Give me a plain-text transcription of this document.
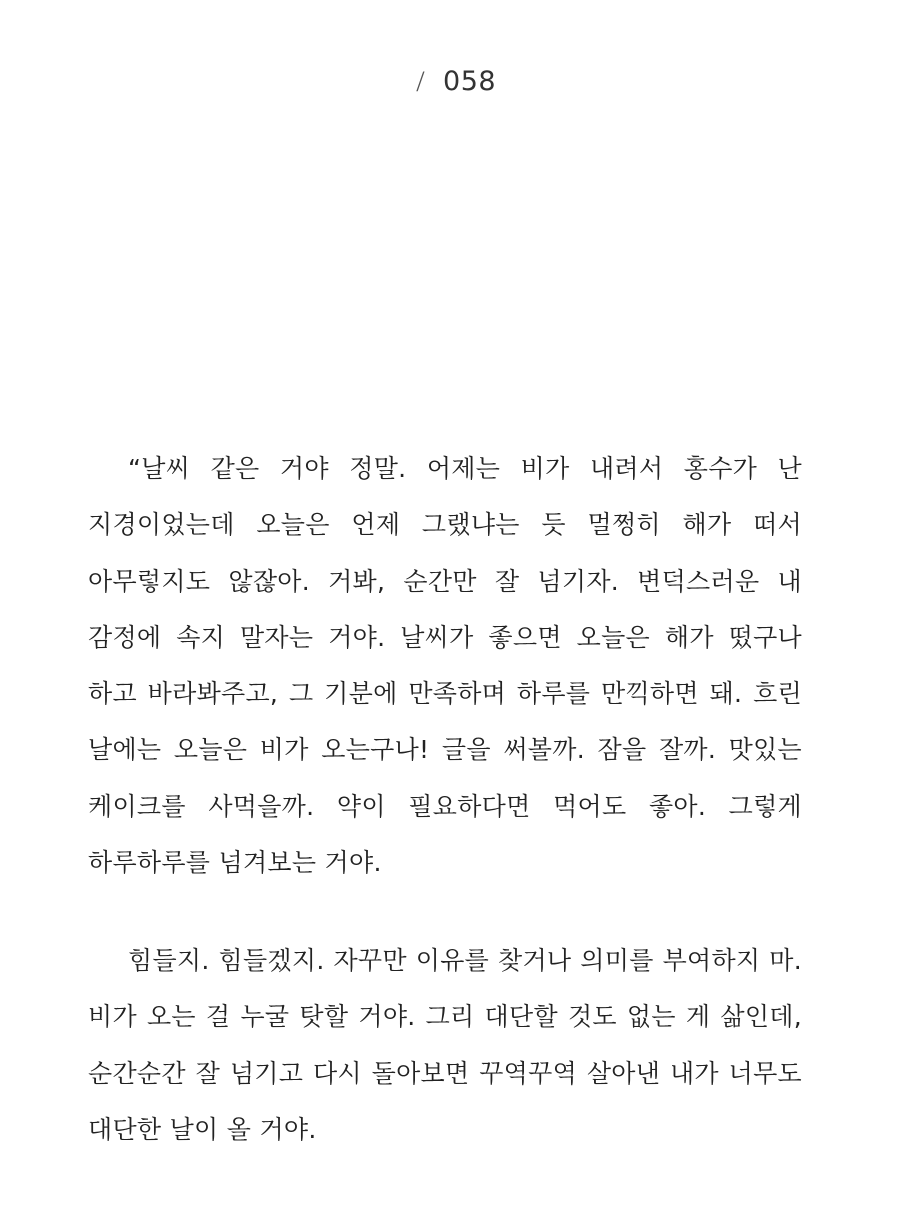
/ 058

“날씨 같은 거야 정말. 어제는 비가 내려서 홍수가 난 지경이었는데 오늘은 언제 그랬냐는 듯 멀쩡히 해가 떠서 아무렇지도 않잖아. 거봐, 순간만 잘 넘기자. 변덕스러운 내 감정에 속지 말자는 거야. 날씨가 좋으면 오늘은 해가 떴구나 하고 바라봐주고, 그 기분에 만족하며 하루를 만끽하면 돼. 흐린 날에는 오늘은 비가 오는구나! 글을 써볼까. 잠을 잘까. 맛있는 케이크를 사먹을까. 약이 필요하다면 먹어도 좋아. 그렇게 하루하루를 넘겨보는 거야.

힘들지. 힘들겠지. 자꾸만 이유를 찾거나 의미를 부여하지 마. 비가 오는 걸 누굴 탓할 거야. 그리 대단할 것도 없는 게 삶인데, 순간순간 잘 넘기고 다시 돌아보면 꾸역꾸역 살아낸 내가 너무도 대단한 날이 올 거야.
